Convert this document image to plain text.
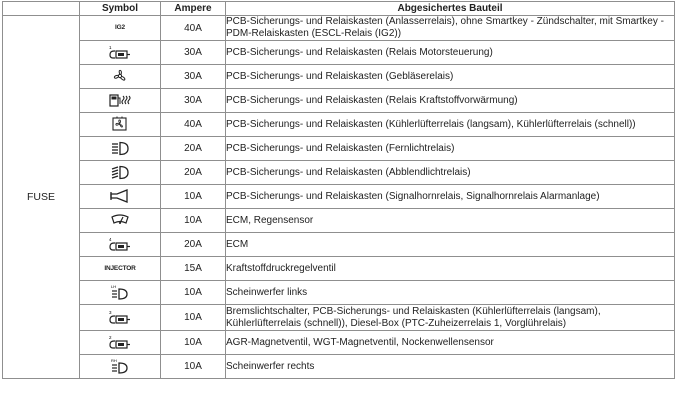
	Symbol	Ampere	Abgesichertes Bauteil
FUSE	IG2	40A	PCB-Sicherungs- und Relaiskasten (Anlasserrelais), ohne Smartkey - Zündschalter, mit Smartkey - PDM-Relaiskasten (ESCL-Relais (IG2))

1	30A	PCB-Sicherungs- und Relaiskasten (Relais Motorsteuerung)

	30A	PCB-Sicherungs- und Relaiskasten (Gebläserelais)

	30A	PCB-Sicherungs- und Relaiskasten (Relais Kraftstoffvorwärmung)

	40A	PCB-Sicherungs- und Relaiskasten (Kühlerlüfterrelais (langsam), Kühlerlüfterrelais (schnell))

	20A	PCB-Sicherungs- und Relaiskasten (Fernlichtrelais)

	20A	PCB-Sicherungs- und Relaiskasten (Abblendlichtrelais)

	10A	PCB-Sicherungs- und Relaiskasten (Signalhornrelais, Signalhornrelais Alarmanlage)

	10A	ECM, Regensensor

4	20A	ECM
	INJECTOR	15A	Kraftstoffdruckregelventil

LH	10A	Scheinwerfer links

3	10A	Bremslichtschalter, PCB-Sicherungs- und Relaiskasten (Kühlerlüfterrelais (langsam), Kühlerlüfterrelais (schnell)), Diesel-Box (PTC-Zuheizerrelais 1, Vorglührelais)

2	10A	AGR-Magnetventil, WGT-Magnetventil, Nockenwellensensor

RH	10A	Scheinwerfer rechts
